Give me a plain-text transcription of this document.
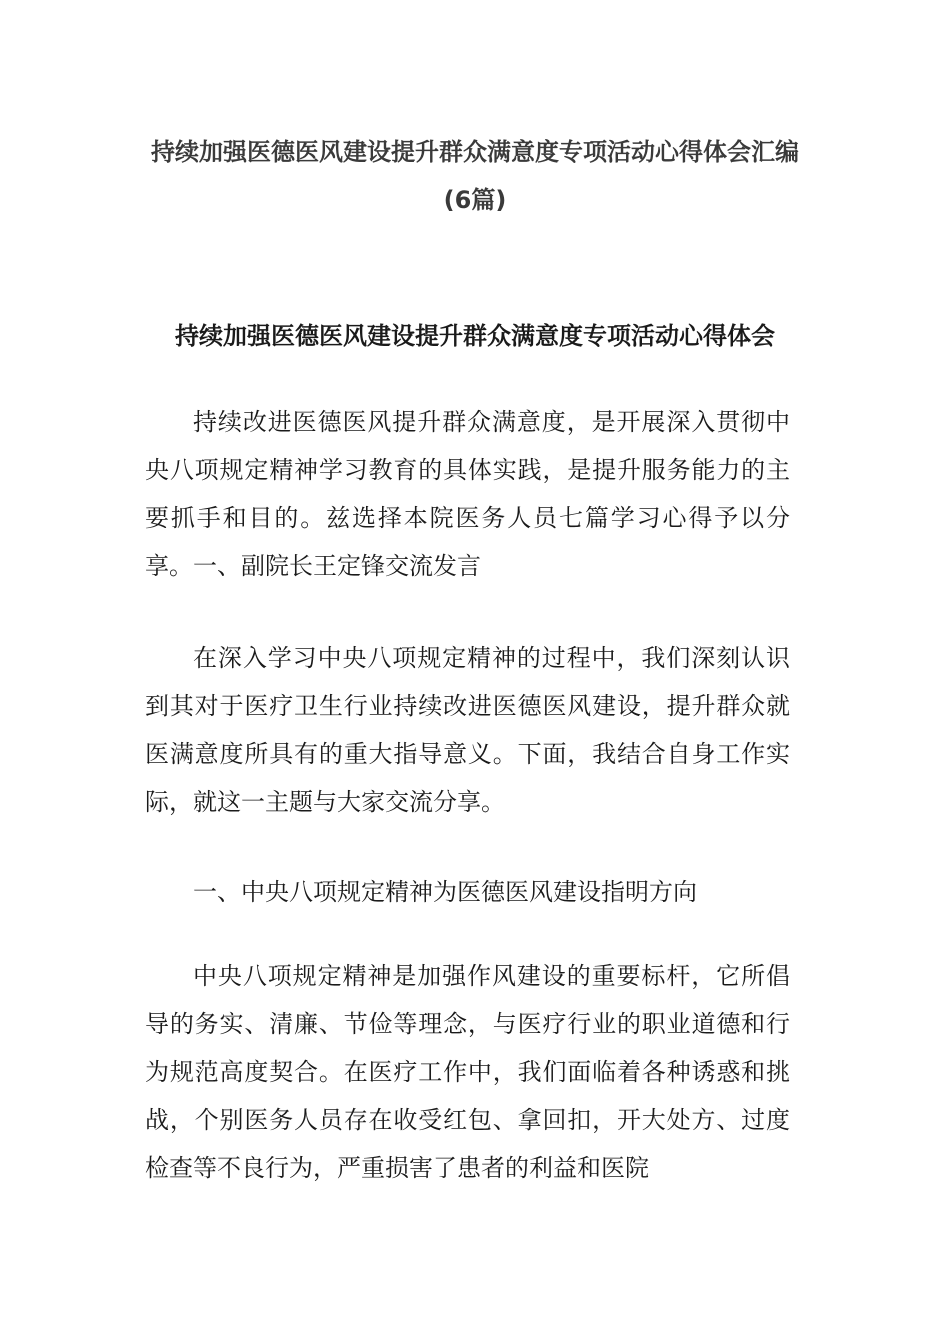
持续加强医德医风建设提升群众满意度专项活动心得体会汇编(6篇)
持续加强医德医风建设提升群众满意度专项活动心得体会

持续改进医德医风提升群众满意度，是开展深入贯彻中央八项规定精神学习教育的具体实践，是提升服务能力的主要抓手和目的。兹选择本院医务人员七篇学习心得予以分享。一、副院长王定锋交流发言

在深入学习中央八项规定精神的过程中，我们深刻认识到其对于医疗卫生行业持续改进医德医风建设，提升群众就医满意度所具有的重大指导意义。下面，我结合自身工作实际，就这一主题与大家交流分享。

一、中央八项规定精神为医德医风建设指明方向

中央八项规定精神是加强作风建设的重要标杆，它所倡导的务实、清廉、节俭等理念，与医疗行业的职业道德和行为规范高度契合。在医疗工作中，我们面临着各种诱惑和挑战，个别医务人员存在收受红包、拿回扣，开大处方、过度检查等不良行为，严重损害了患者的利益和医院
